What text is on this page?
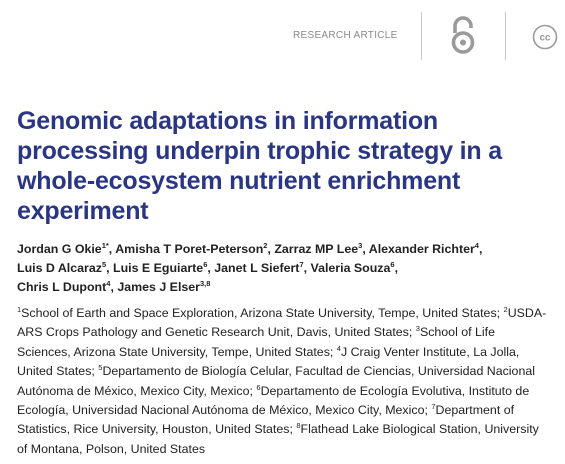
RESEARCH ARTICLE	cc
Genomic adaptations in information processing underpin trophic strategy in a whole-ecosystem nutrient enrichment experiment
Jordan G Okie$^{1*}$, Amisha T Poret-Peterson$^2$, Zarraz MP Lee$^3$, Alexander Richter$^4$,
Luis D Alcaraz$^5$, Luis E Eguiarte$^6$, Janet L Siefert$^7$, Valeria Souza$^6$,
Chris L Dupont$^4$, James J Elser$^{3,8}$
$^1$School of Earth and Space Exploration, Arizona State University, Tempe, United States; $^2$USDA-ARS Crops Pathology and Genetic Research Unit, Davis, United States; $^3$School of Life Sciences, Arizona State University, Tempe, United States; $^4$J Craig Venter Institute, La Jolla, United States; $^5$Departamento de Biología Celular, Facultad de Ciencias, Universidad Nacional Autónoma de México, Mexico City, Mexico; $^6$Departamento de Ecología Evolutiva, Instituto de Ecología, Universidad Nacional Autónoma de México, Mexico City, Mexico; $^7$Department of Statistics, Rice University, Houston, United States; $^8$Flathead Lake Biological Station, University of Montana, Polson, United States
